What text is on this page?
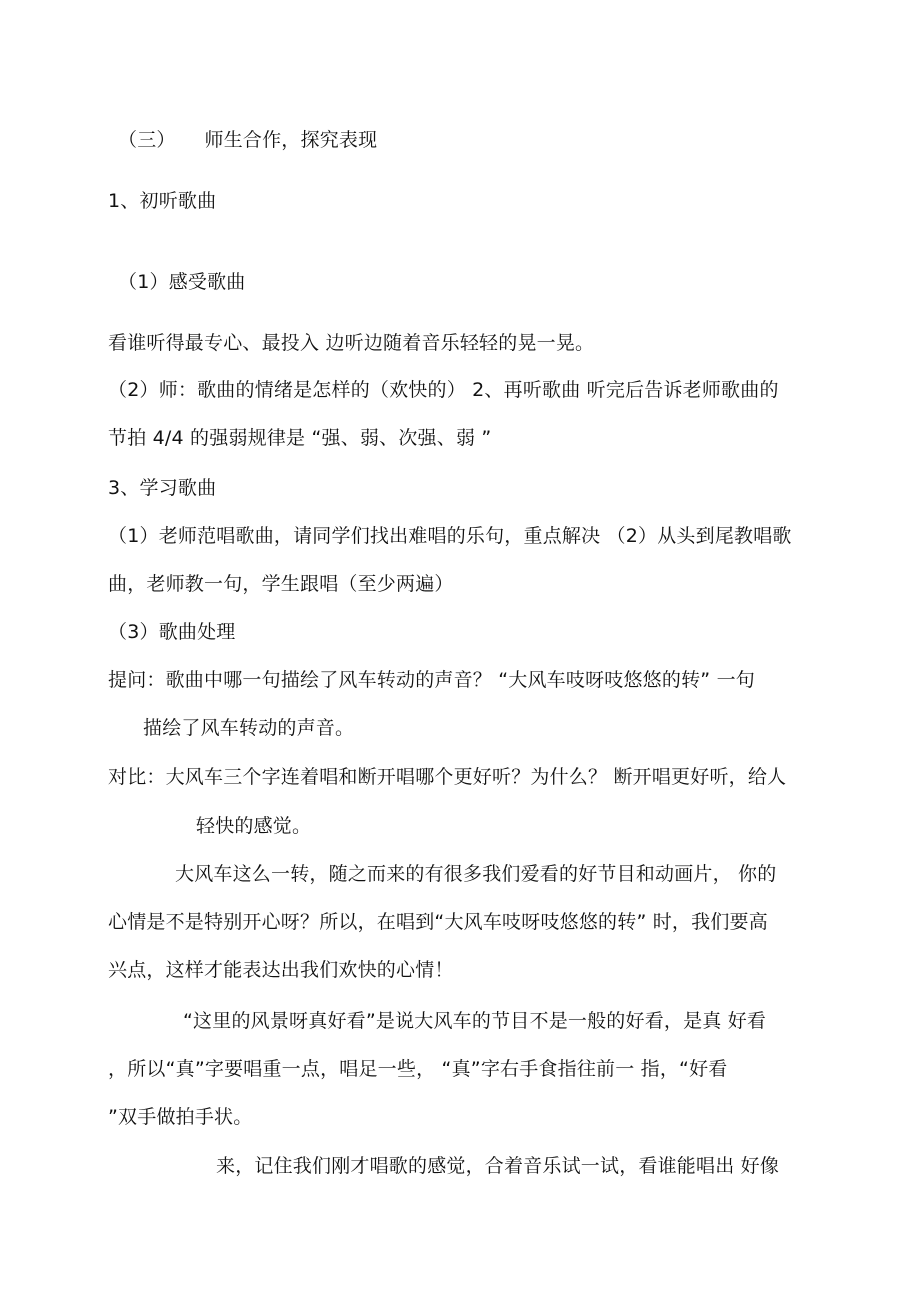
（三）　　师生合作，探究表现
1、初听歌曲
（1）感受歌曲
看谁听得最专心、最投入 边听边随着音乐轻轻的晃一晃。
（2）师：歌曲的情绪是怎样的（欢快的） 2、再听歌曲 听完后告诉老师歌曲的
节拍 4/4 的强弱规律是 “强、弱、次强、弱 ”
3、学习歌曲
（1）老师范唱歌曲，请同学们找出难唱的乐句，重点解决 （2）从头到尾教唱歌
曲，老师教一句，学生跟唱（至少两遍）
（3）歌曲处理
提问：歌曲中哪一句描绘了风车转动的声音？ “大风车吱呀吱悠悠的转” 一句
描绘了风车转动的声音。
对比：大风车三个字连着唱和断开唱哪个更好听？为什么？ 断开唱更好听，给人
轻快的感觉。
大风车这么一转，随之而来的有很多我们爱看的好节目和动画片， 你的
心情是不是特别开心呀？所以，在唱到“大风车吱呀吱悠悠的转” 时，我们要高
兴点，这样才能表达出我们欢快的心情！
“这里的风景呀真好看”是说大风车的节目不是一般的好看，是真 好看
，所以“真”字要唱重一点，唱足一些， “真”字右手食指往前一 指，“好看
”双手做拍手状。
来，记住我们刚才唱歌的感觉，合着音乐试一试，看谁能唱出 好像
